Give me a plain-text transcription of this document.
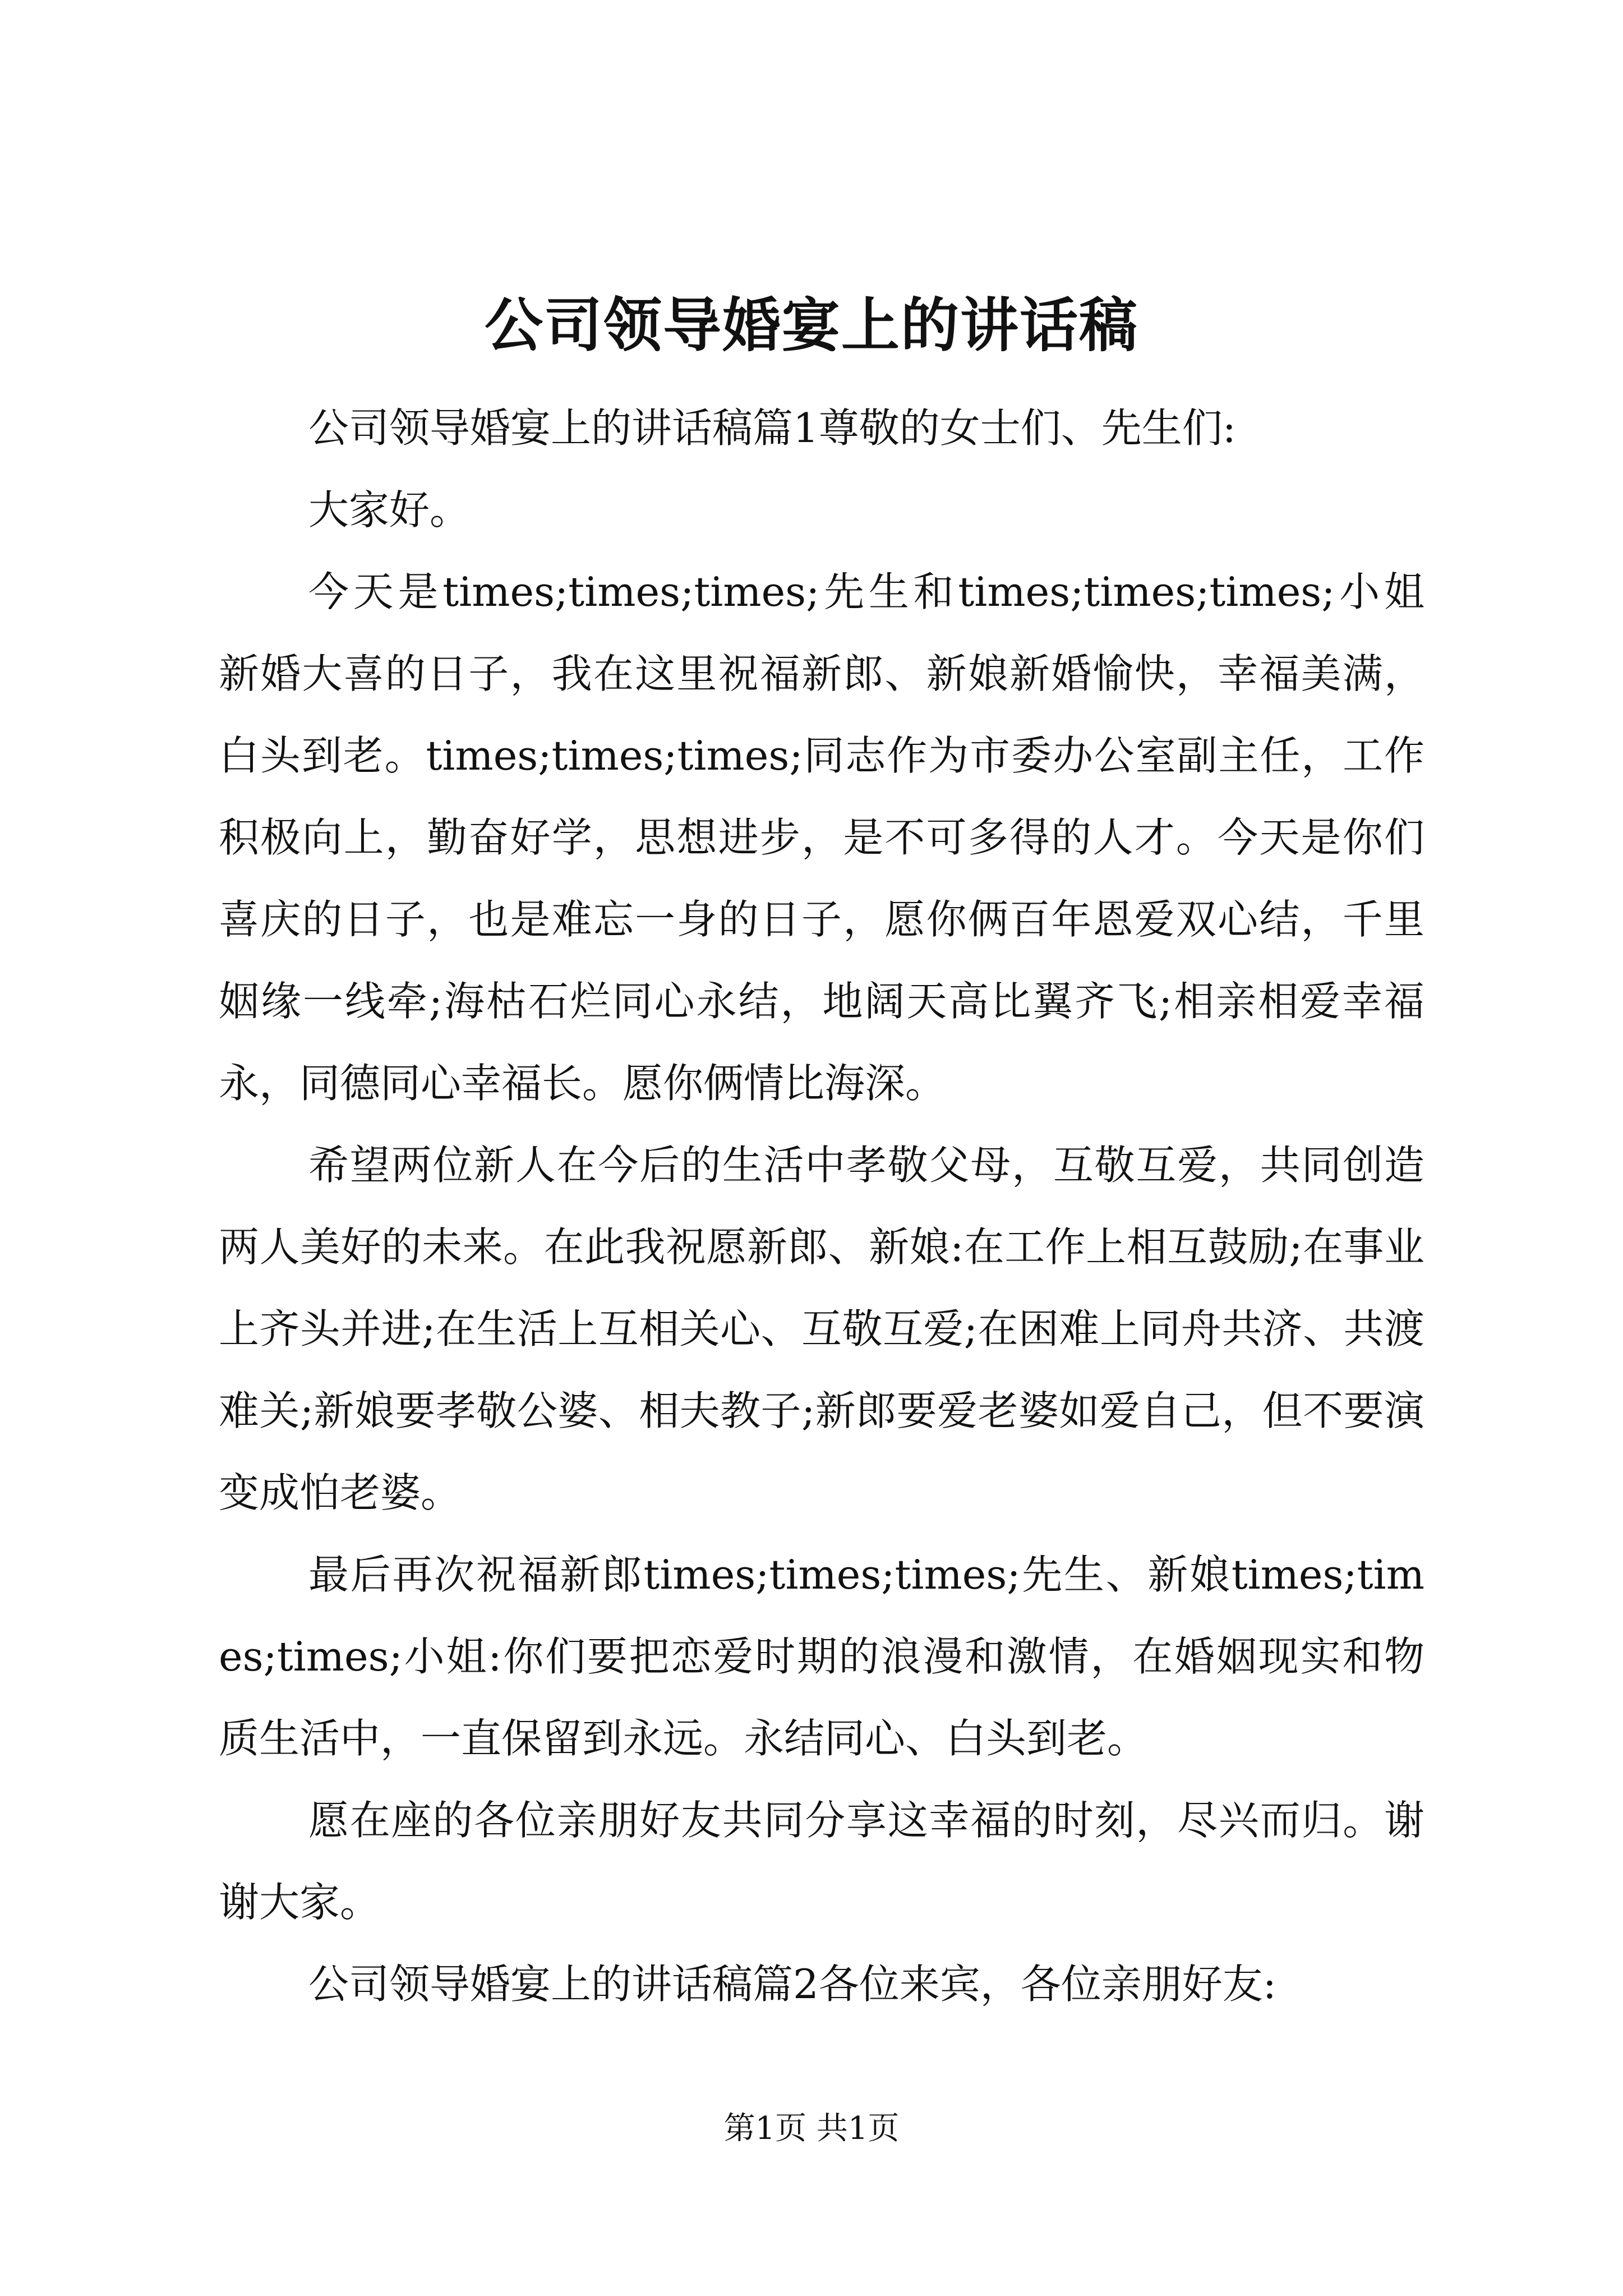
公司领导婚宴上的讲话稿

公司领导婚宴上的讲话稿篇1尊敬的女士们、先生们:

大家好。

今天是times;times;times;先生和times;times;times;小姐新婚大喜的日子，我在这里祝福新郎、新娘新婚愉快，幸福美满，白头到老。times;times;times;同志作为市委办公室副主任，工作积极向上，勤奋好学，思想进步，是不可多得的人才。今天是你们喜庆的日子，也是难忘一身的日子，愿你俩百年恩爱双心结，千里姻缘一线牵;海枯石烂同心永结，地阔天高比翼齐飞;相亲相爱幸福永，同德同心幸福长。愿你俩情比海深。

希望两位新人在今后的生活中孝敬父母，互敬互爱，共同创造两人美好的未来。在此我祝愿新郎、新娘:在工作上相互鼓励;在事业上齐头并进;在生活上互相关心、互敬互爱;在困难上同舟共济、共渡难关;新娘要孝敬公婆、相夫教子;新郎要爱老婆如爱自己，但不要演变成怕老婆。

最后再次祝福新郎times;times;times;先生、新娘times;times;times;小姐:你们要把恋爱时期的浪漫和激情，在婚姻现实和物质生活中，一直保留到永远。永结同心、白头到老。

愿在座的各位亲朋好友共同分享这幸福的时刻，尽兴而归。谢谢大家。

公司领导婚宴上的讲话稿篇2各位来宾，各位亲朋好友:

第1页 共1页
